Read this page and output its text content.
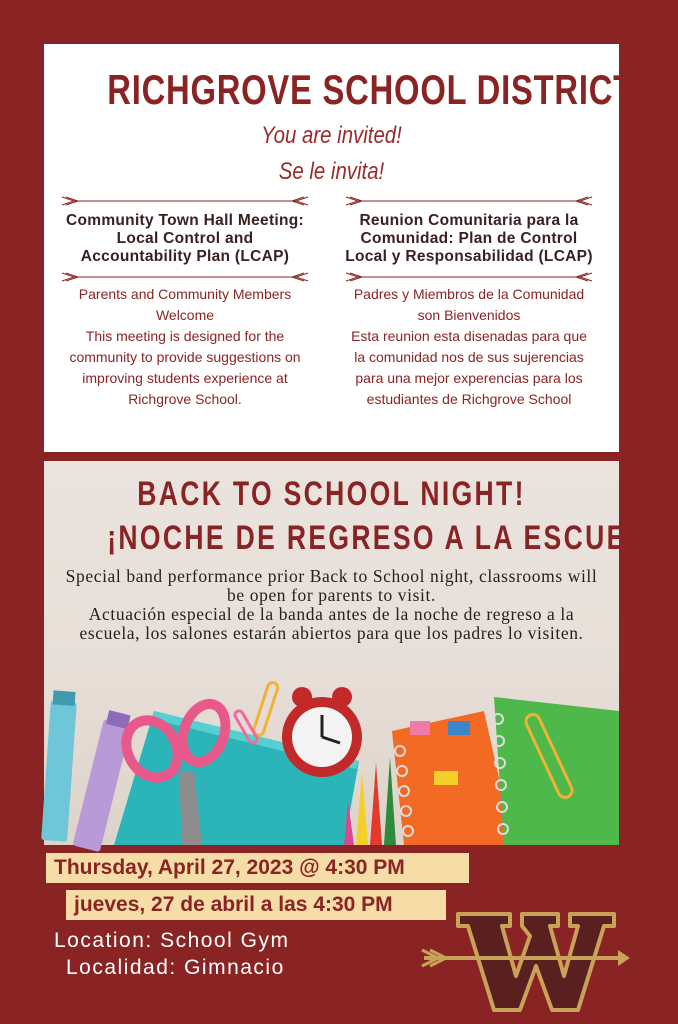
RICHGROVE SCHOOL DISTRICT
You are invited!
Se le invita!
Community Town Hall Meeting: Local Control and Accountability Plan (LCAP)

Parents and Community Members Welcome

This meeting is designed for the community to provide suggestions on improving students experience at Richgrove School.

Reunion Comunitaria para la Comunidad: Plan de Control Local y Responsabilidad (LCAP)

Padres y Miembros de la Comunidad son Bienvenidos

Esta reunion esta disenadas para que la comunidad nos de sus sujerencias para una mejor experencias para los estudiantes de Richgrove School

BACK TO SCHOOL NIGHT!
¡NOCHE DE REGRESO A LA ESCUELA!
Special band performance prior Back to School night, classrooms will be open for parents to visit.
Actuación especial de la banda antes de la noche de regreso a la escuela, los salones estarán abiertos para que los padres lo visiten.
Thursday, April 27, 2023 @ 4:30 PM
jueves, 27 de abril a las 4:30 PM
Location: School Gym
Localidad: Gimnacio
